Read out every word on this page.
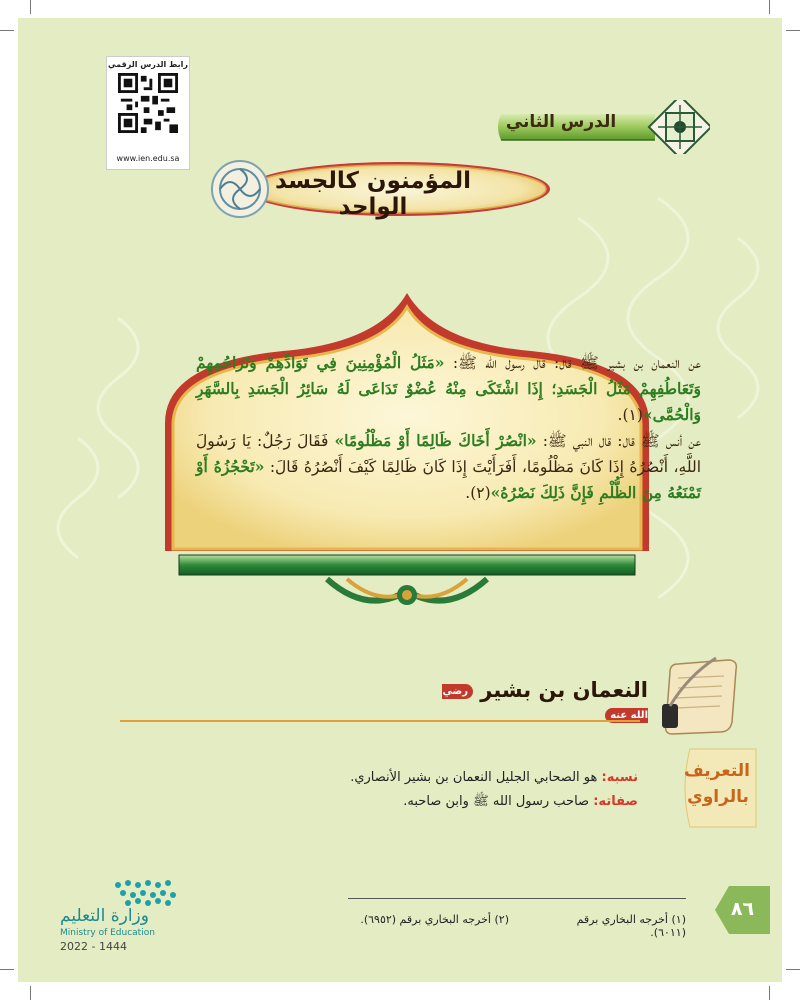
رابط الدرس الرقمي
www.ien.edu.sa
الدرس الثاني
المؤمنون كالجسد الواحد

عن النعمان بن بشير ﷺ قال: قال رسول الله ﷺ: «مَثَلُ الْمُؤْمِنِينَ فِي تَوَادِّهِمْ وَتَرَاحُمِهِمْ وَتَعَاطُفِهِمْ مَثَلُ الْجَسَدِ؛ إِذَا اشْتَكَى مِنْهُ عُضْوٌ تَدَاعَى لَهُ سَائِرُ الْجَسَدِ بِالسَّهَرِ وَالْحُمَّى»(١).

عن أنس ﷺ قال: قال النبي ﷺ: «انْصُرْ أَخَاكَ ظَالِمًا أَوْ مَظْلُومًا» فَقَالَ رَجُلٌ: يَا رَسُولَ اللَّهِ، أَنْصُرُهُ إِذَا كَانَ مَظْلُومًا، أَفَرَأَيْتَ إِذَا كَانَ ظَالِمًا كَيْفَ أَنْصُرُهُ قَالَ: «تَحْجُزُهُ أَوْ تَمْنَعُهُ مِنَ الظُّلْمِ فَإِنَّ ذَلِكَ نَصْرُهُ»(٢).

النعمان بن بشير رضي الله عنه
التعريف
بالراوي
نسبه: هو الصحابي الجليل النعمان بن بشير الأنصاري.
صفاته: صاحب رسول الله ﷺ وابن صاحبه.
(١) أخرجه البخاري برقم (٦٠١١).
(٢) أخرجه البخاري برقم (٦٩٥٢).	٨٦
وزارة التعليم
Ministry of Education
2022 - 1444
